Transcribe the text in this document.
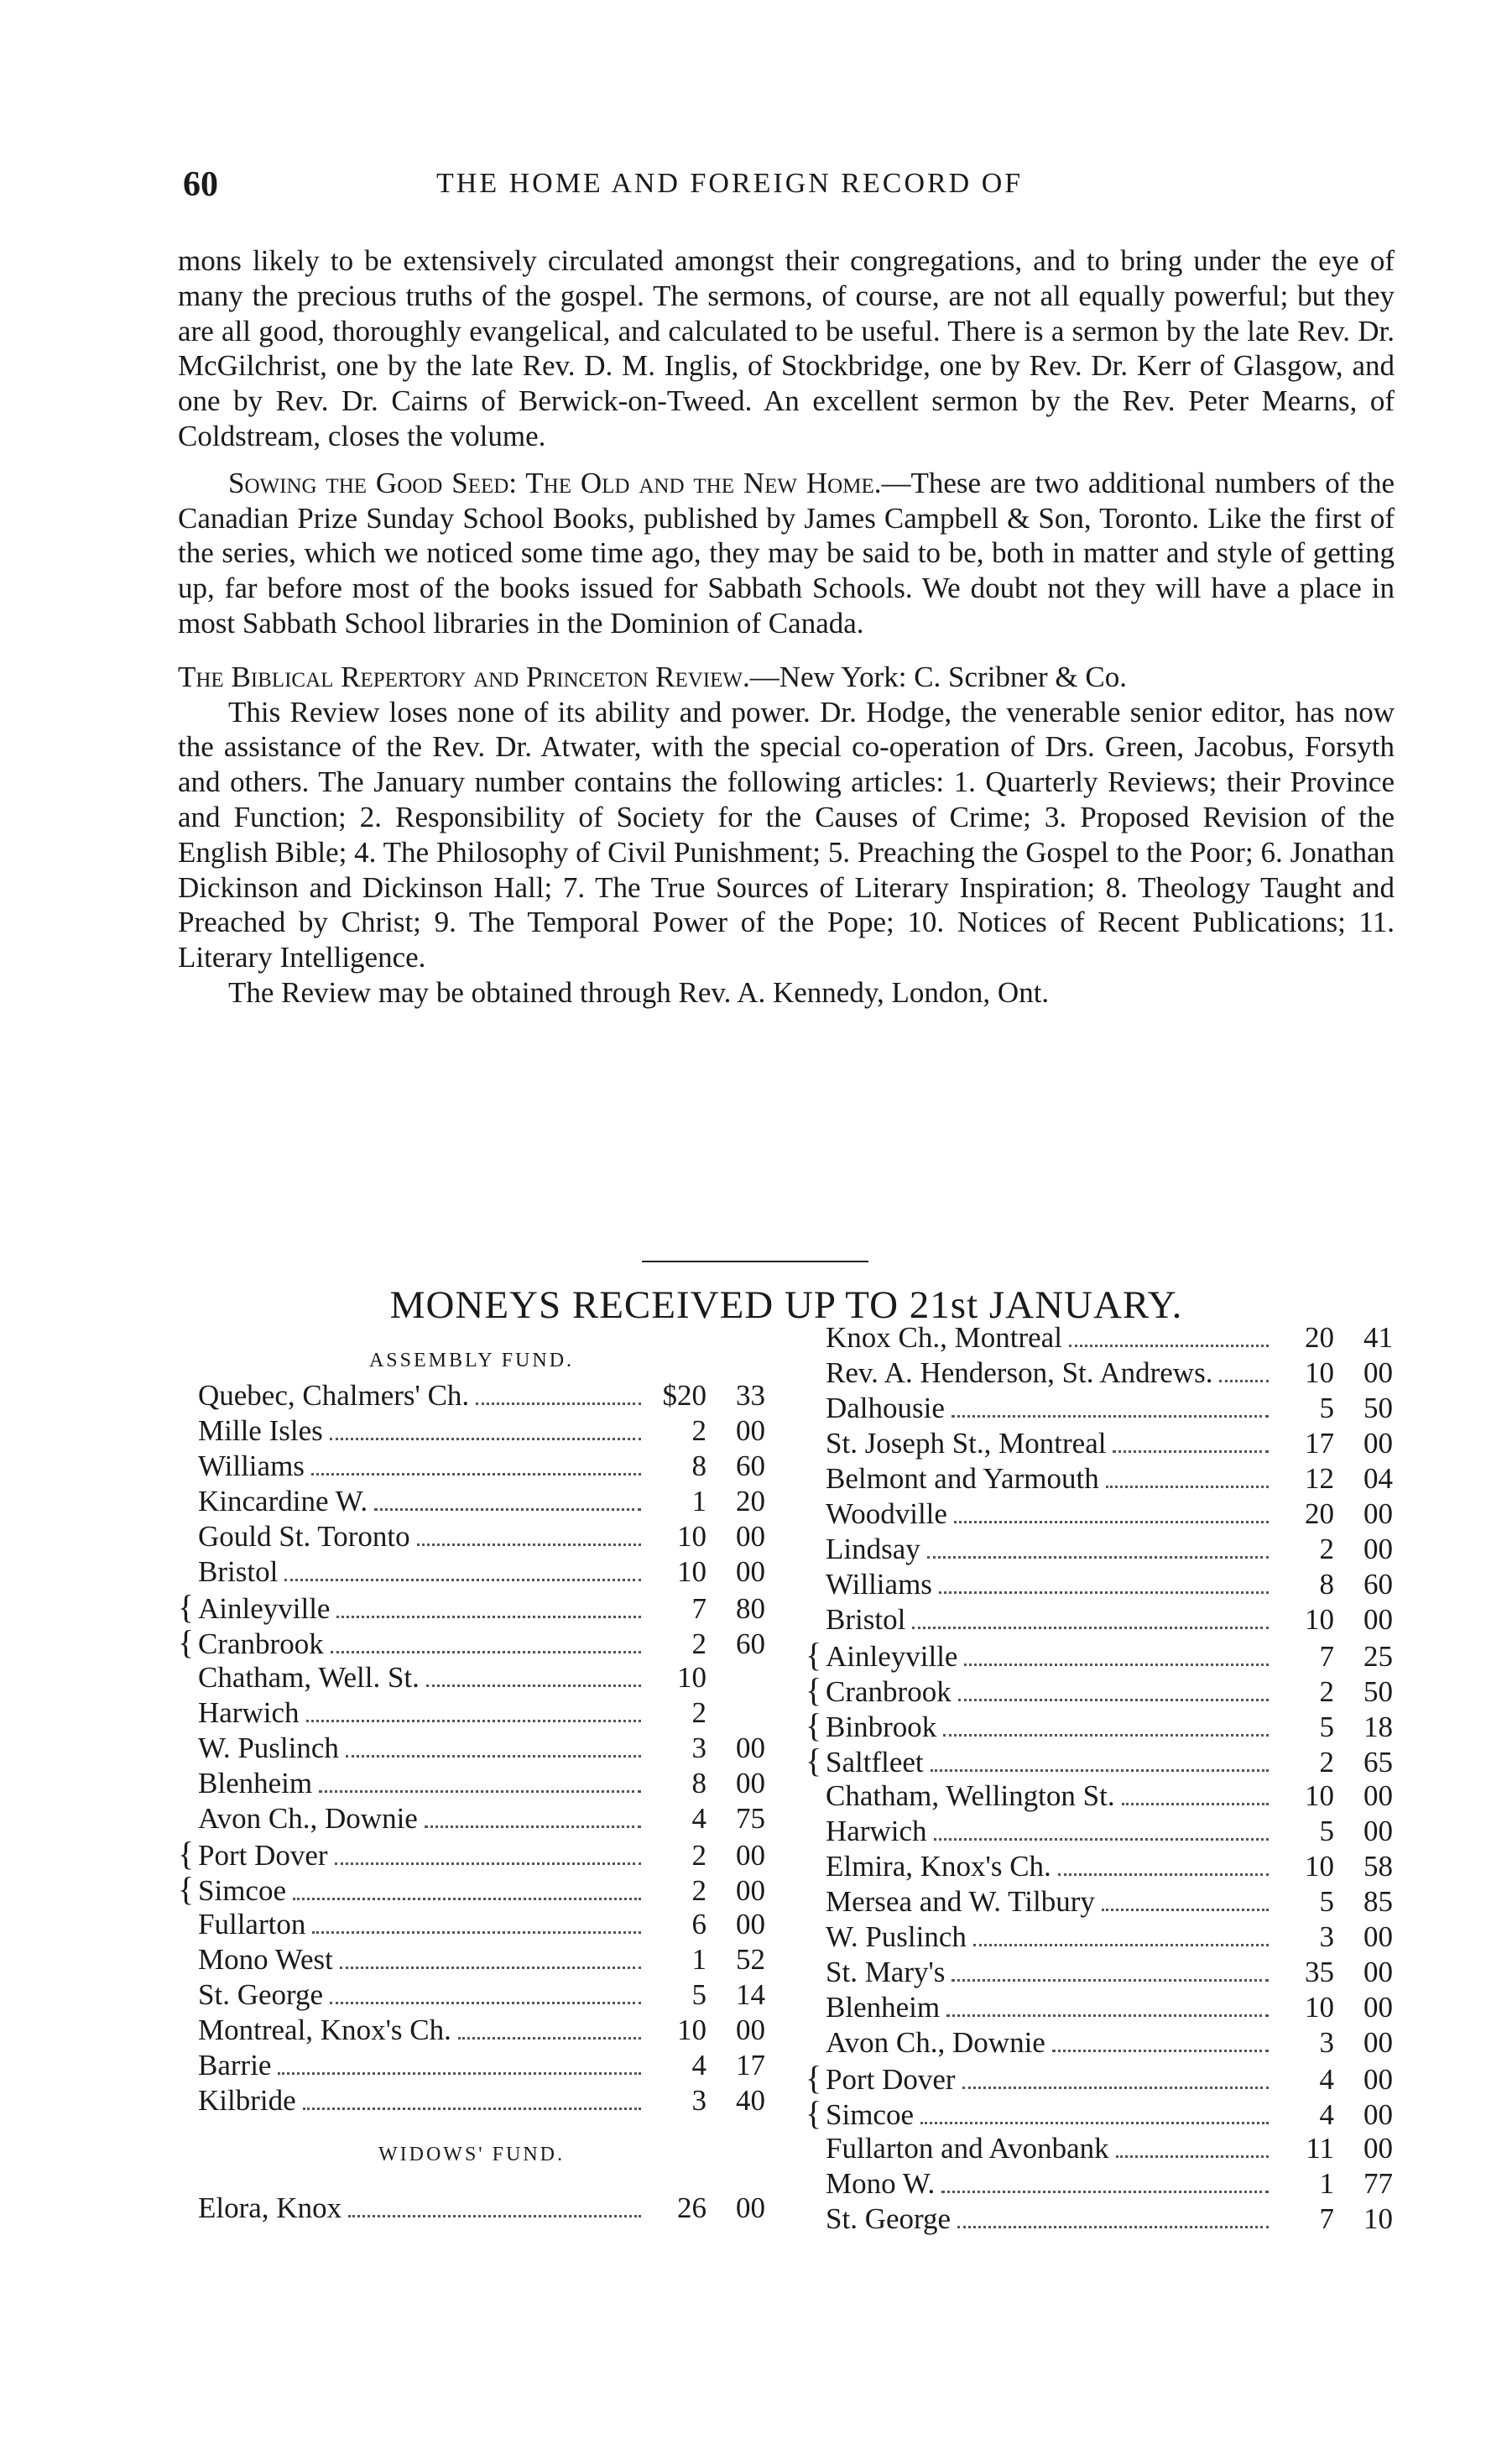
60	THE HOME AND FOREIGN RECORD OF

mons likely to be extensively circulated amongst their congregations, and to bring under the eye of many the precious truths of the gospel. The sermons, of course, are not all equally powerful; but they are all good, thoroughly evangelical, and calculated to be useful. There is a sermon by the late Rev. Dr. McGilchrist, one by the late Rev. D. M. Inglis, of Stockbridge, one by Rev. Dr. Kerr of Glasgow, and one by Rev. Dr. Cairns of Berwick-on-Tweed. An excellent sermon by the Rev. Peter Mearns, of Coldstream, closes the volume.

Sowing the Good Seed: The Old and the New Home.—These are two additional numbers of the Canadian Prize Sunday School Books, published by James Campbell & Son, Toronto. Like the first of the series, which we noticed some time ago, they may be said to be, both in matter and style of getting up, far before most of the books issued for Sabbath Schools. We doubt not they will have a place in most Sabbath School libraries in the Dominion of Canada.

The Biblical Repertory and Princeton Review.—New York: C. Scribner & Co.

This Review loses none of its ability and power. Dr. Hodge, the venerable senior editor, has now the assistance of the Rev. Dr. Atwater, with the special co-operation of Drs. Green, Jacobus, Forsyth and others. The January number contains the following articles: 1. Quarterly Reviews; their Province and Function; 2. Responsibility of Society for the Causes of Crime; 3. Proposed Revision of the English Bible; 4. The Philosophy of Civil Punishment; 5. Preaching the Gospel to the Poor; 6. Jonathan Dickinson and Dickinson Hall; 7. The True Sources of Literary Inspiration; 8. Theology Taught and Preached by Christ; 9. The Temporal Power of the Pope; 10. Notices of Recent Publications; 11. Literary Intelligence.

The Review may be obtained through Rev. A. Kennedy, London, Ont.

MONEYS RECEIVED UP TO 21st JANUARY.
ASSEMBLY FUND.
Quebec, Chalmers' Ch.	$20	33
Mille Isles	2	00
Williams	8	60
Kincardine W.	1	20
Gould St. Toronto	10	00
Bristol	10	00
{ Ainleyville	7	80
{ Cranbrook	2	60
Chatham, Well. St.	10
Harwich	2
W. Puslinch	3	00
Blenheim	8	00
Avon Ch., Downie	4	75
{ Port Dover	2	00
{ Simcoe	2	00
Fullarton	6	00
Mono West	1	52
St. George	5	14
Montreal, Knox's Ch.	10	00
Barrie	4	17
Kilbride	3	40
WIDOWS' FUND.
Elora, Knox	26	00
Knox Ch., Montreal	20	41
Rev. A. Henderson, St. Andrews.	10	00
Dalhousie	5	50
St. Joseph St., Montreal	17	00
Belmont and Yarmouth	12	04
Woodville	20	00
Lindsay	2	00
Williams	8	60
Bristol	10	00
{ Ainleyville	7	25
{ Cranbrook	2	50
{ Binbrook	5	18
{ Saltfleet	2	65
Chatham, Wellington St.	10	00
Harwich	5	00
Elmira, Knox's Ch.	10	58
Mersea and W. Tilbury	5	85
W. Puslinch	3	00
St. Mary's	35	00
Blenheim	10	00
Avon Ch., Downie	3	00
{ Port Dover	4	00
{ Simcoe	4	00
Fullarton and Avonbank	11	00
Mono W.	1	77
St. George	7	10
